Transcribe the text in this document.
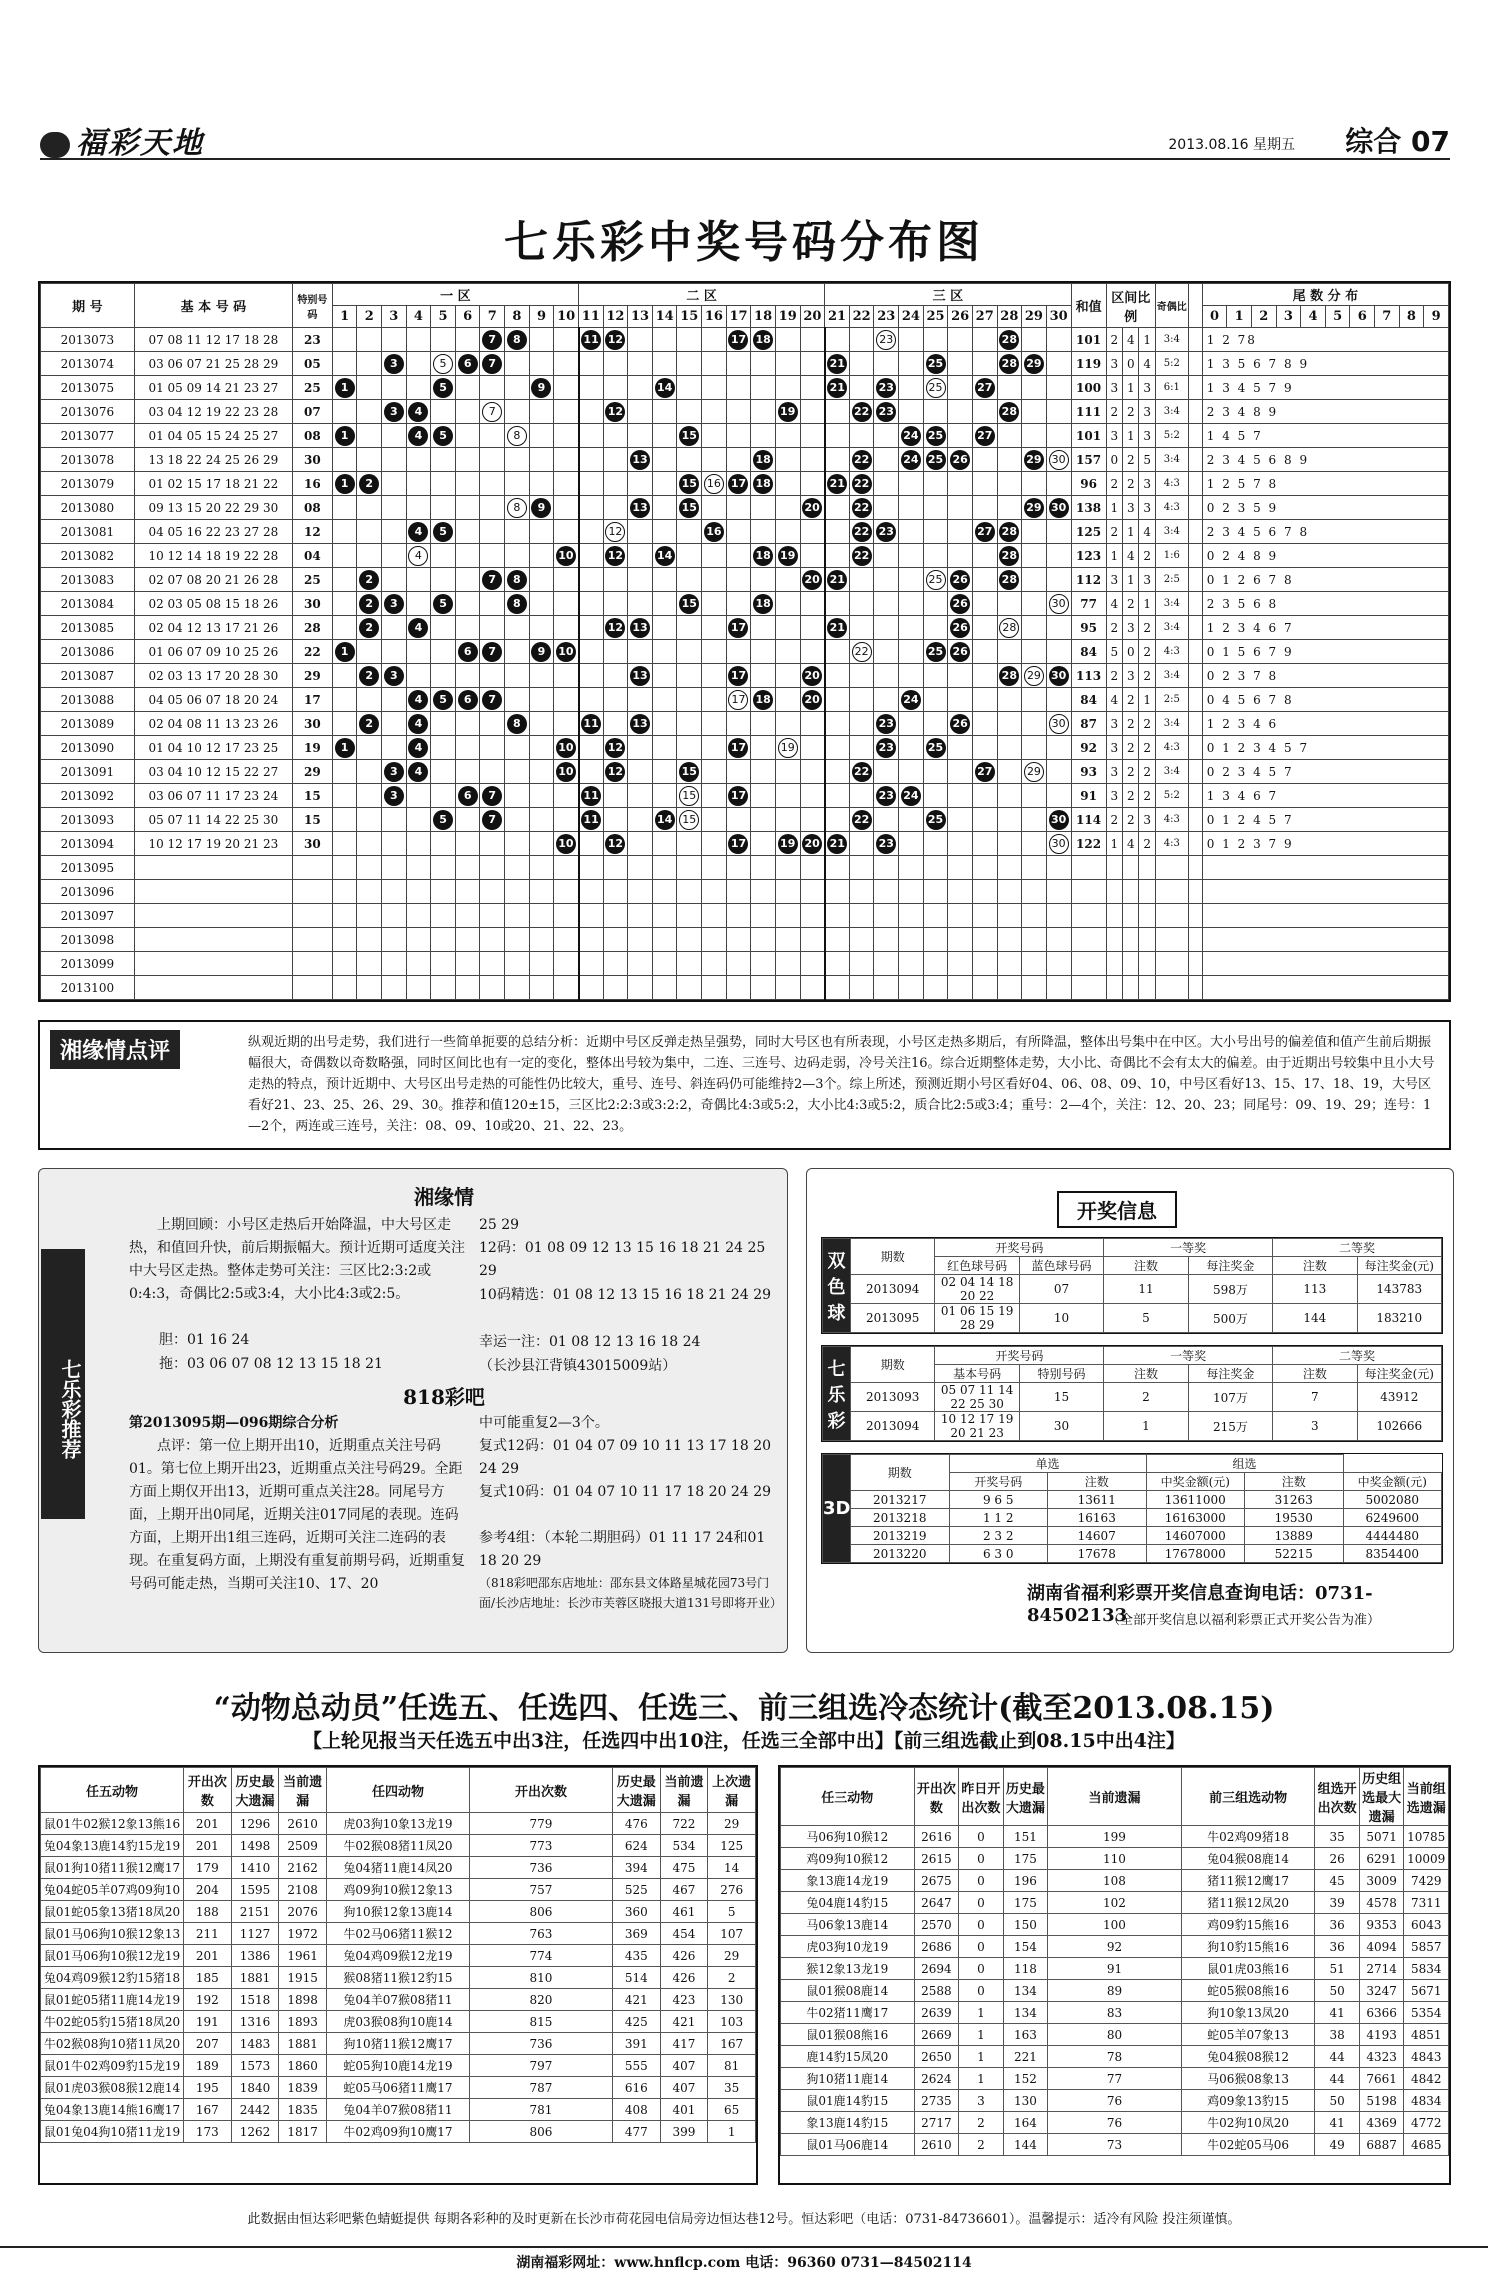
福彩天地	2013.08.16 星期五 综合 07
七乐彩中奖号码分布图
期 号	基 本 号 码	特别号码	一 区										二 区										三 区										和值	区间比例			奇偶比		尾 数 分 布									
			1	2	3	4	5	6	7	8	9	10	11	12	13	14	15	16	17	18	19	20	21	22	23	24	25	26	27	28	29	30							0	1	2	3	4	5	6	7	8	9
2013073	07 08 11 12 17 18 28	23							7	8			11	12					17	18					23					28			101	2	4	1	3:4		1 2 78									
2013074	03 06 07 21 25 28 29	05			3		5	6	7														21				25			28	29		119	3	0	4	5:2		1 3 5 6 7 8 9									
2013075	01 05 09 14 21 23 27	25	1				5				9					14							21		23		25		27				100	3	1	3	6:1		1 3 4 5 7 9									
2013076	03 04 12 19 22 23 28	07			3	4			7					12							19			22	23					28			111	2	2	3	3:4		2 3 4 8 9									
2013077	01 04 05 15 24 25 27	08	1			4	5			8							15									24	25		27				101	3	1	3	5:2		1 4 5 7									
2013078	13 18 22 24 25 26 29	30													13					18				22		24	25	26			29	30	157	0	2	5	3:4		2 3 4 5 6 8 9									
2013079	01 02 15 17 18 21 22	16	1	2													15	16	17	18			21	22									96	2	2	3	4:3		1 2 5 7 8									
2013080	09 13 15 20 22 29 30	08								8	9				13		15					20		22							29	30	138	1	3	3	4:3		0 2 3 5 9									
2013081	04 05 16 22 23 27 28	12				4	5							12				16						22	23				27	28			125	2	1	4	3:4		2 3 4 5 6 7 8									
2013082	10 12 14 18 19 22 28	04				4						10		12		14				18	19			22						28			123	1	4	2	1:6		0 2 4 8 9									
2013083	02 07 08 20 21 26 28	25		2					7	8												20	21				25	26		28			112	3	1	3	2:5		0 1 2 6 7 8									
2013084	02 03 05 08 15 18 26	30		2	3		5			8							15			18								26				30	77	4	2	1	3:4		2 3 5 6 8									
2013085	02 04 12 13 17 21 26	28		2		4								12	13				17				21					26		28			95	2	3	2	3:4		1 2 3 4 6 7									
2013086	01 06 07 09 10 25 26	22	1					6	7		9	10												22			25	26					84	5	0	2	4:3		0 1 5 6 7 9									
2013087	02 03 13 17 20 28 30	29		2	3										13				17			20								28	29	30	113	2	3	2	3:4		0 2 3 7 8									
2013088	04 05 06 07 18 20 24	17				4	5	6	7										17	18		20				24							84	4	2	1	2:5		0 4 5 6 7 8									
2013089	02 04 08 11 13 23 26	30		2		4				8			11		13										23			26				30	87	3	2	2	3:4		1 2 3 4 6									
2013090	01 04 10 12 17 23 25	19	1			4						10		12					17		19				23		25						92	3	2	2	4:3		0 1 2 3 4 5 7									
2013091	03 04 10 12 15 22 27	29			3	4						10		12			15							22					27		29		93	3	2	2	3:4		0 2 3 4 5 7									
2013092	03 06 07 11 17 23 24	15			3			6	7				11				15		17						23	24							91	3	2	2	5:2		1 3 4 6 7									
2013093	05 07 11 14 22 25 30	15					5		7				11			14	15							22			25					30	114	2	2	3	4:3		0 1 2 4 5 7									
2013094	10 12 17 19 20 21 23	30										10		12					17		19	20	21		23							30	122	1	4	2	4:3		0 1 2 3 7 9									
2013095																																																
2013096																																																
2013097																																																
2013098																																																
2013099																																																
2013100																																																
湘缘情点评	纵观近期的出号走势，我们进行一些简单扼要的总结分析：近期中号区反弹走热呈强势，同时大号区也有所表现，小号区走热多期后，有所降温，整体出号集中在中区。大小号出号的偏差值和值产生前后期振幅很大，奇偶数以奇数略强，同时区间比也有一定的变化，整体出号较为集中，二连、三连号、边码走弱，冷号关注16。综合近期整体走势，大小比、奇偶比不会有太大的偏差。由于近期出号较集中且小大号走热的特点，预计近期中、大号区出号走热的可能性仍比较大，重号、连号、斜连码仍可能维持2—3个。综上所述，预测近期小号区看好04、06、08、09、10，中号区看好13、15、17、18、19，大号区看好21、23、25、26、29、30。推荐和值120±15，三区比2:2:3或3:2:2，奇偶比4:3或5:2，大小比4:3或5:2，质合比2:5或3:4；重号：2—4个，关注：12、20、23；同尾号：09、19、29；连号：1—2个，两连或三连号，关注：08、09、10或20、21、22、23。
七乐彩推荐
湘缘情
上期回顾：小号区走热后开始降温，中大号区走热，和值回升快，前后期振幅大。预计近期可适度关注中大号区走热。整体走势可关注：三区比2:3:2或0:4:3，奇偶比2:5或3:4，大小比4:3或2:5。
胆：01 16 24
拖：03 06 07 08 12 13 15 18 21
25 29
12码：01 08 09 12 13 15 16 18 21 24 25 29
10码精选：01 08 12 13 15 16 18 21 24 29
幸运一注：01 08 12 13 16 18 24
（长沙县江背镇43015009站）
818彩吧
第2013095期—096期综合分析
点评：第一位上期开出10，近期重点关注号码01。第七位上期开出23，近期重点关注号码29。全距方面上期仅开出13，近期可重点关注28。同尾号方面，上期开出0同尾，近期关注017同尾的表现。连码方面，上期开出1组三连码，近期可关注二连码的表现。在重复码方面，上期没有重复前期号码，近期重复号码可能走热，当期可关注10、17、20
中可能重复2—3个。
复式12码：01 04 07 09 10 11 13 17 18 20 24 29
复式10码：01 04 07 10 11 17 18 20 24 29
参考4组：（本轮二期胆码）01 11 17 24和01 18 20 29
（818彩吧邵东店地址：邵东县文体路星城花园73号门面/长沙店地址：长沙市芙蓉区晓报大道131号即将开业）
开奖信息
双色球	期数	开奖号码		一等奖		二等奖	
		红色球号码	蓝色球号码	注数	每注奖金	注数	每注奖金(元)
	2013094	02 04 14 18 20 22	07	11	598万	113	143783
	2013095	01 06 15 19 28 29	10	5	500万	144	183210
七乐彩	期数	开奖号码		一等奖		二等奖	
		基本号码	特别号码	注数	每注奖金	注数	每注奖金(元)
	2013093	05 07 11 14 22 25 30	15	2	107万	7	43912
	2013094	10 12 17 19 20 21 23	30	1	215万	3	102666
3D	期数	单选		组选		
		开奖号码	注数	中奖金额(元)	注数	中奖金额(元)
	2013217	9 6 5	13611	13611000	31263	5002080
	2013218	1 1 2	16163	16163000	19530	6249600
	2013219	2 3 2	14607	14607000	13889	4444480
	2013220	6 3 0	17678	17678000	52215	8354400
湖南省福利彩票开奖信息查询电话：0731-84502133
（全部开奖信息以福利彩票正式开奖公告为准）
“动物总动员”任选五、任选四、任选三、前三组选冷态统计(截至2013.08.15)
【上轮见报当天任选五中出3注，任选四中出10注，任选三全部中出】【前三组选截止到08.15中出4注】
任五动物	开出次数	历史最大遗漏	当前遗漏	任四动物	开出次数	历史最大遗漏	当前遗漏	上次遗漏
鼠01牛02猴12象13熊16	201	1296	2610	虎03狗10象13龙19	779	476	722	29
兔04象13鹿14豹15龙19	201	1498	2509	牛02猴08猪11凤20	773	624	534	125
鼠01狗10猪11猴12鹰17	179	1410	2162	兔04猪11鹿14凤20	736	394	475	14
兔04蛇05羊07鸡09狗10	204	1595	2108	鸡09狗10猴12象13	757	525	467	276
鼠01蛇05象13猪18凤20	188	2151	2076	狗10猴12象13鹿14	806	360	461	5
鼠01马06狗10猴12象13	211	1127	1972	牛02马06猪11猴12	763	369	454	107
鼠01马06狗10猴12龙19	201	1386	1961	兔04鸡09猴12龙19	774	435	426	29
兔04鸡09猴12豹15猪18	185	1881	1915	猴08猪11猴12豹15	810	514	426	2
鼠01蛇05猪11鹿14龙19	192	1518	1898	兔04羊07猴08猪11	820	421	423	130
牛02蛇05豹15猪18凤20	191	1316	1893	虎03猴08狗10鹿14	815	425	421	103
牛02猴08狗10猪11凤20	207	1483	1881	狗10猪11猴12鹰17	736	391	417	167
鼠01牛02鸡09豹15龙19	189	1573	1860	蛇05狗10鹿14龙19	797	555	407	81
鼠01虎03猴08猴12鹿14	195	1840	1839	蛇05马06猪11鹰17	787	616	407	35
兔04象13鹿14熊16鹰17	167	2442	1835	兔04羊07猴08猪11	781	408	401	65
鼠01兔04狗10猪11龙19	173	1262	1817	牛02鸡09狗10鹰17	806	477	399	1
任三动物	开出次数	昨日开出次数	历史最大遗漏	当前遗漏	前三组选动物	组选开出次数	历史组选最大遗漏	当前组选遗漏
马06狗10猴12	2616	0	151	199	牛02鸡09猪18	35	5071	10785
鸡09狗10猴12	2615	0	175	110	兔04猴08鹿14	26	6291	10009
象13鹿14龙19	2675	0	196	108	猪11猴12鹰17	45	3009	7429
兔04鹿14豹15	2647	0	175	102	猪11猴12凤20	39	4578	7311
马06象13鹿14	2570	0	150	100	鸡09豹15熊16	36	9353	6043
虎03狗10龙19	2686	0	154	92	狗10豹15熊16	36	4094	5857
猴12象13龙19	2694	0	118	91	鼠01虎03熊16	51	2714	5834
鼠01猴08鹿14	2588	0	134	89	蛇05猴08熊16	50	3247	5671
牛02猪11鹰17	2639	1	134	83	狗10象13凤20	41	6366	5354
鼠01猴08熊16	2669	1	163	80	蛇05羊07象13	38	4193	4851
鹿14豹15凤20	2650	1	221	78	兔04猴08猴12	44	4323	4843
狗10猪11鹿14	2624	1	152	77	马06猴08象13	44	7661	4842
鼠01鹿14豹15	2735	3	130	76	鸡09象13豹15	50	5198	4834
象13鹿14豹15	2717	2	164	76	牛02狗10凤20	41	4369	4772
鼠01马06鹿14	2610	2	144	73	牛02蛇05马06	49	6887	4685
此数据由恒达彩吧紫色蜻蜓提供 每期各彩种的及时更新在长沙市荷花园电信局旁边恒达巷12号。恒达彩吧（电话：0731-84736601）。温馨提示：适冷有风险 投注须谨慎。
湖南福彩网址：www.hnflcp.com 电话：96360 0731—84502114
